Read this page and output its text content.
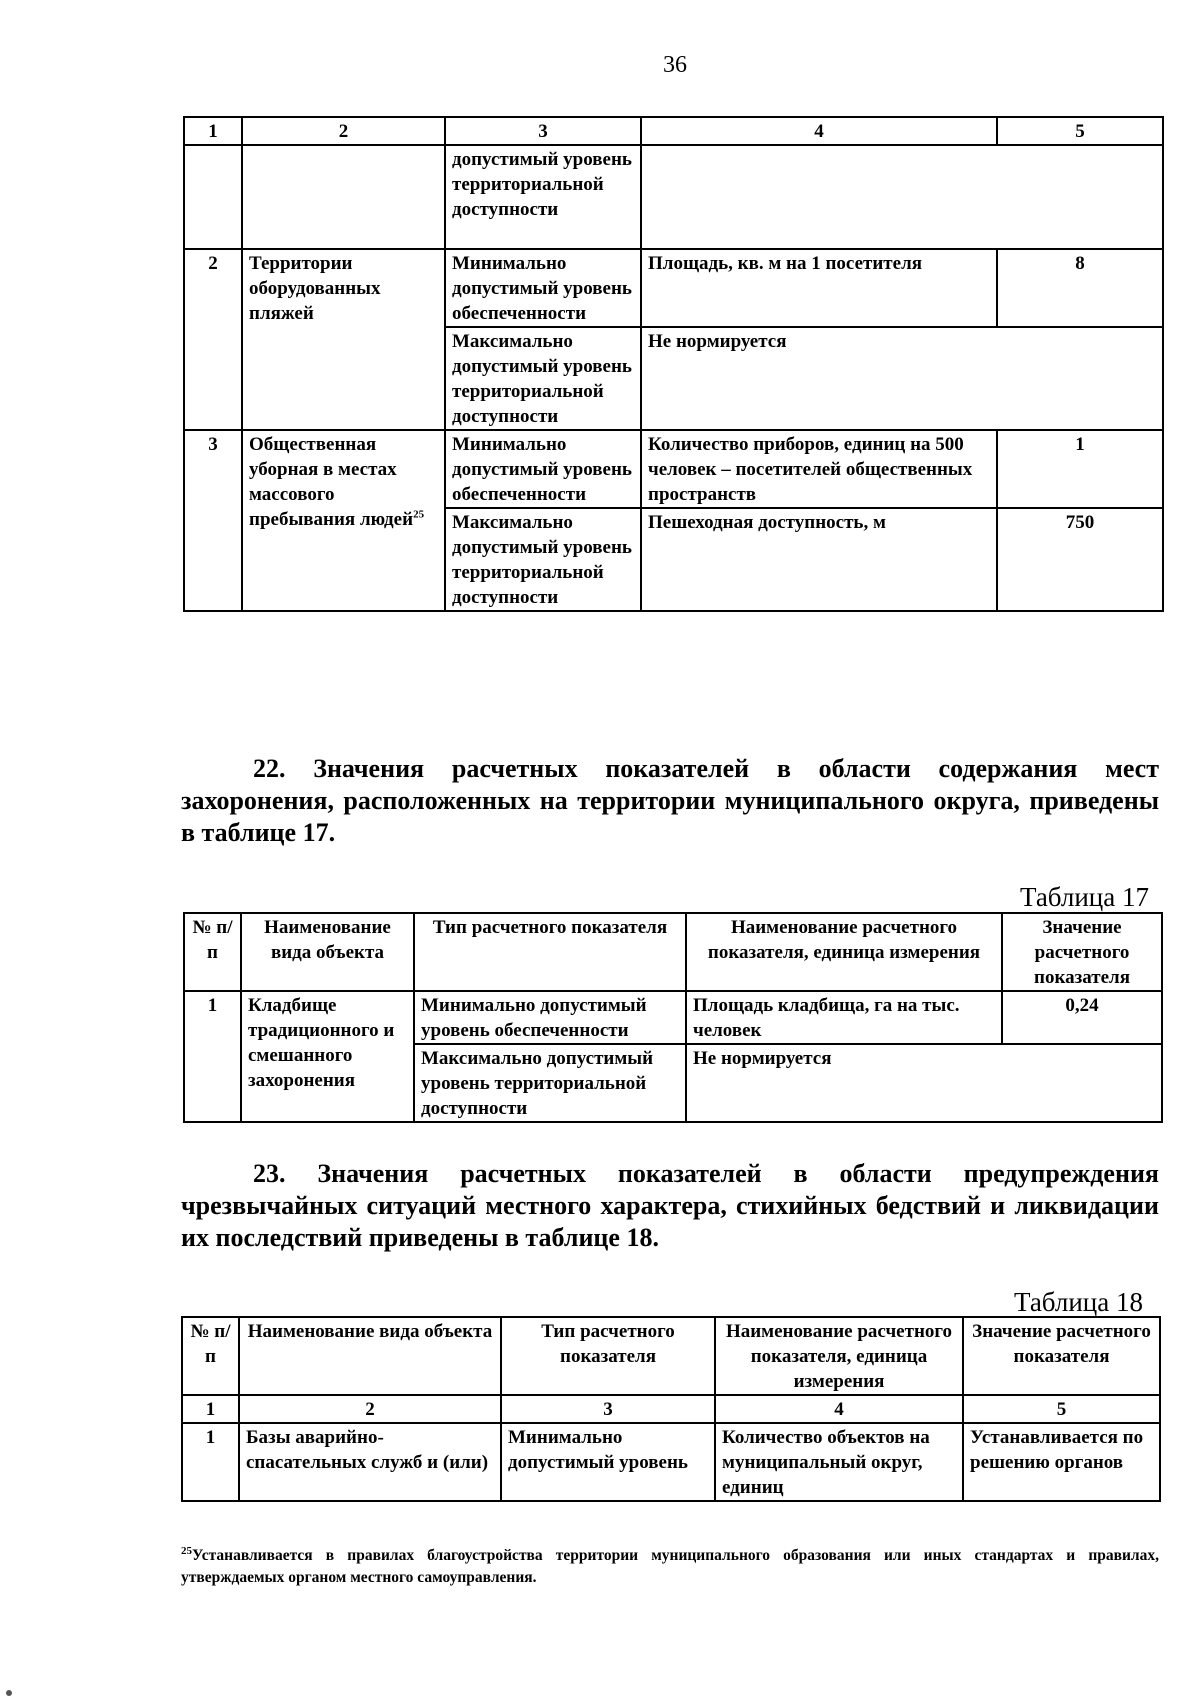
36
1	2	3	4	5
		допустимый уровень территориальной доступности		
2	Территории оборудованных пляжей	Минимально допустимый уровень обеспеченности	Площадь, кв. м на 1 посетителя	8
		Максимально допустимый уровень территориальной доступности	Не нормируется	
3	Общественная уборная в местах массового пребывания людей$^{25}$	Минимально допустимый уровень обеспеченности	Количество приборов, единиц на 500 человек – посетителей общественных пространств	1
		Максимально допустимый уровень территориальной доступности	Пешеходная доступность, м	750
22. Значения расчетных показателей в области содержания мест захоронения, расположенных на территории муниципального округа, приведены в таблице 17.
Таблица 17
№ п/п	Наименование вида объекта	Тип расчетного показателя	Наименование расчетного показателя, единица измерения	Значение расчетного показателя
1	Кладбище традиционного и смешанного захоронения	Минимально допустимый уровень обеспеченности	Площадь кладбища, га на тыс. человек	0,24
		Максимально допустимый уровень территориальной доступности	Не нормируется	
23. Значения расчетных показателей в области предупреждения чрезвычайных ситуаций местного характера, стихийных бедствий и ликвидации их последствий приведены в таблице 18.
Таблица 18
№ п/п	Наименование вида объекта	Тип расчетного показателя	Наименование расчетного показателя, единица измерения	Значение расчетного показателя
1	2	3	4	5
1	Базы аварийно-спасательных служб и (или)	Минимально допустимый уровень	Количество объектов на муниципальный округ, единиц	Устанавливается по решению органов
$^{25}$Устанавливается в правилах благоустройства территории муниципального образования или иных стандартах и правилах, утверждаемых органом местного самоуправления.
